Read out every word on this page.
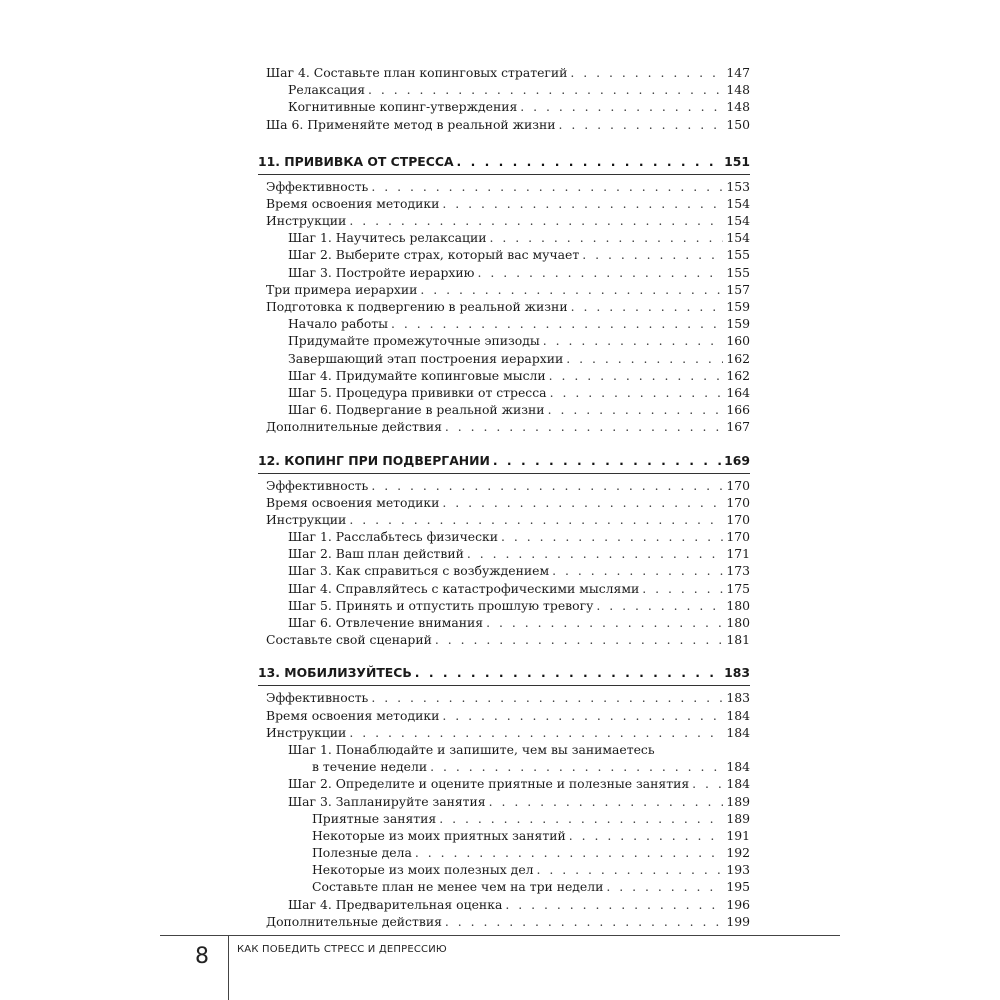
Шаг 4. Составьте план копинговых стратегий . . .	147
Релаксация . . .	148
Когнитивные копинг-утверждения . . .	148
Ша 6. Применяйте метод в реальной жизни . . .	150
11. ПРИВИВКА ОТ СТРЕССА . . .	151
Эффективность . . .	153
Время освоения методики . . .	154
Инструкции . . .	154
Шаг 1. Научитесь релаксации . . .	154
Шаг 2. Выберите страх, который вас мучает . . .	155
Шаг 3. Постройте иерархию . . .	155
Три примера иерархии . . .	157
Подготовка к подвергению в реальной жизни . . .	159
Начало работы . . .	159
Придумайте промежуточные эпизоды . . .	160
Завершающий этап построения иерархии . . .	162
Шаг 4. Придумайте копинговые мысли . . .	162
Шаг 5. Процедура прививки от стресса . . .	164
Шаг 6. Подвергание в реальной жизни . . .	166
Дополнительные действия . . .	167
12. КОПИНГ ПРИ ПОДВЕРГАНИИ . . .	169
Эффективность . . .	170
Время освоения методики . . .	170
Инструкции . . .	170
Шаг 1. Расслабьтесь физически . . .	170
Шаг 2. Ваш план действий . . .	171
Шаг 3. Как справиться с возбуждением . . .	173
Шаг 4. Справляйтесь с катастрофическими мыслями . . .	175
Шаг 5. Принять и отпустить прошлую тревогу . . .	180
Шаг 6. Отвлечение внимания . . .	180
Составьте свой сценарий . . .	181
13. МОБИЛИЗУЙТЕСЬ . . .	183
Эффективность . . .	183
Время освоения методики . . .	184
Инструкции . . .	184
Шаг 1. Понаблюдайте и запишите, чем вы занимаетесь
в течение недели . . .	184
Шаг 2. Определите и оцените приятные и полезные занятия . . .	184
Шаг 3. Запланируйте занятия . . .	189
Приятные занятия . . .	189
Некоторые из моих приятных занятий . . .	191
Полезные дела . . .	192
Некоторые из моих полезных дел . . .	193
Составьте план не менее чем на три недели . . .	195
Шаг 4. Предварительная оценка . . .	196
Дополнительные действия . . .	199
8	КАК ПОБЕДИТЬ СТРЕСС И ДЕПРЕССИЮ
